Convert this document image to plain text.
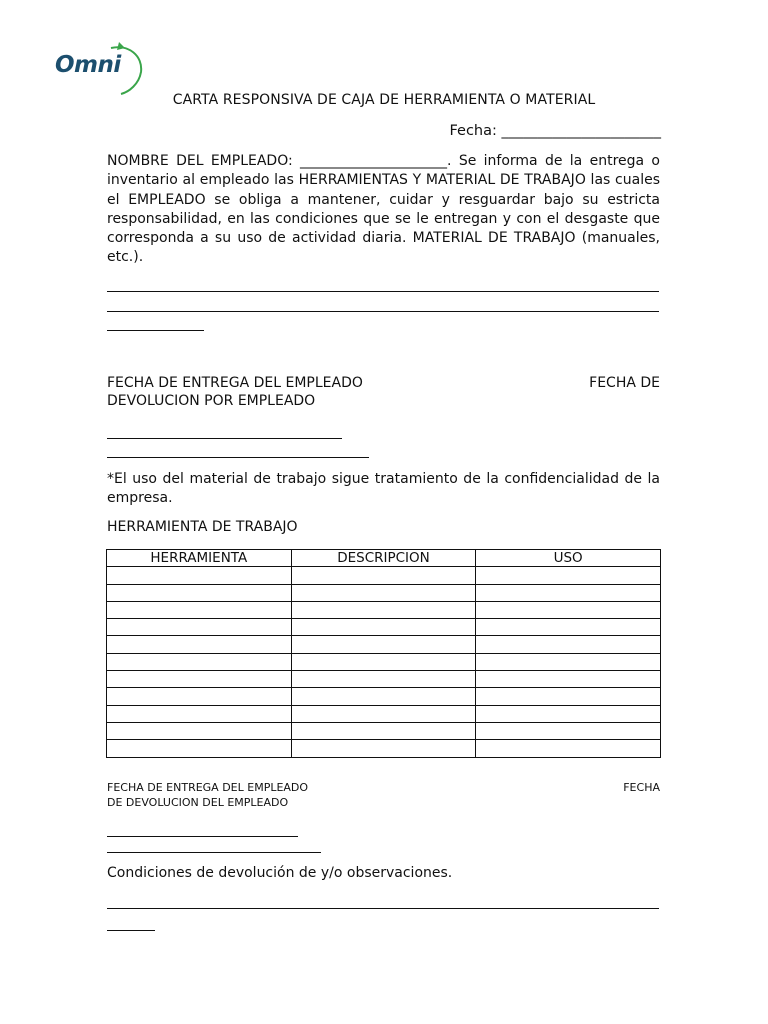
Omni
CARTA RESPONSIVA DE CAJA DE HERRAMIENTA O MATERIAL
Fecha: ______________________
NOMBRE DEL EMPLEADO: _____________________. Se informa de la entrega o inventario al empleado las HERRAMIENTAS Y MATERIAL DE TRABAJO las cuales el EMPLEADO se obliga a mantener, cuidar y resguardar bajo su estricta responsabilidad, en las condiciones que se le entregan y con el desgaste que corresponda a su uso de actividad diaria. MATERIAL DE TRABAJO (manuales, etc.).
FECHA DE ENTREGA DEL EMPLEADO	FECHA DE
DEVOLUCION POR EMPLEADO
*El uso del material de trabajo sigue tratamiento de la confidencialidad de la empresa.
HERRAMIENTA DE TRABAJO
HERRAMIENTA	DESCRIPCION	USO

FECHA DE ENTREGA DEL EMPLEADO	FECHA
DE DEVOLUCION DEL EMPLEADO
Condiciones de devolución de y/o observaciones.
